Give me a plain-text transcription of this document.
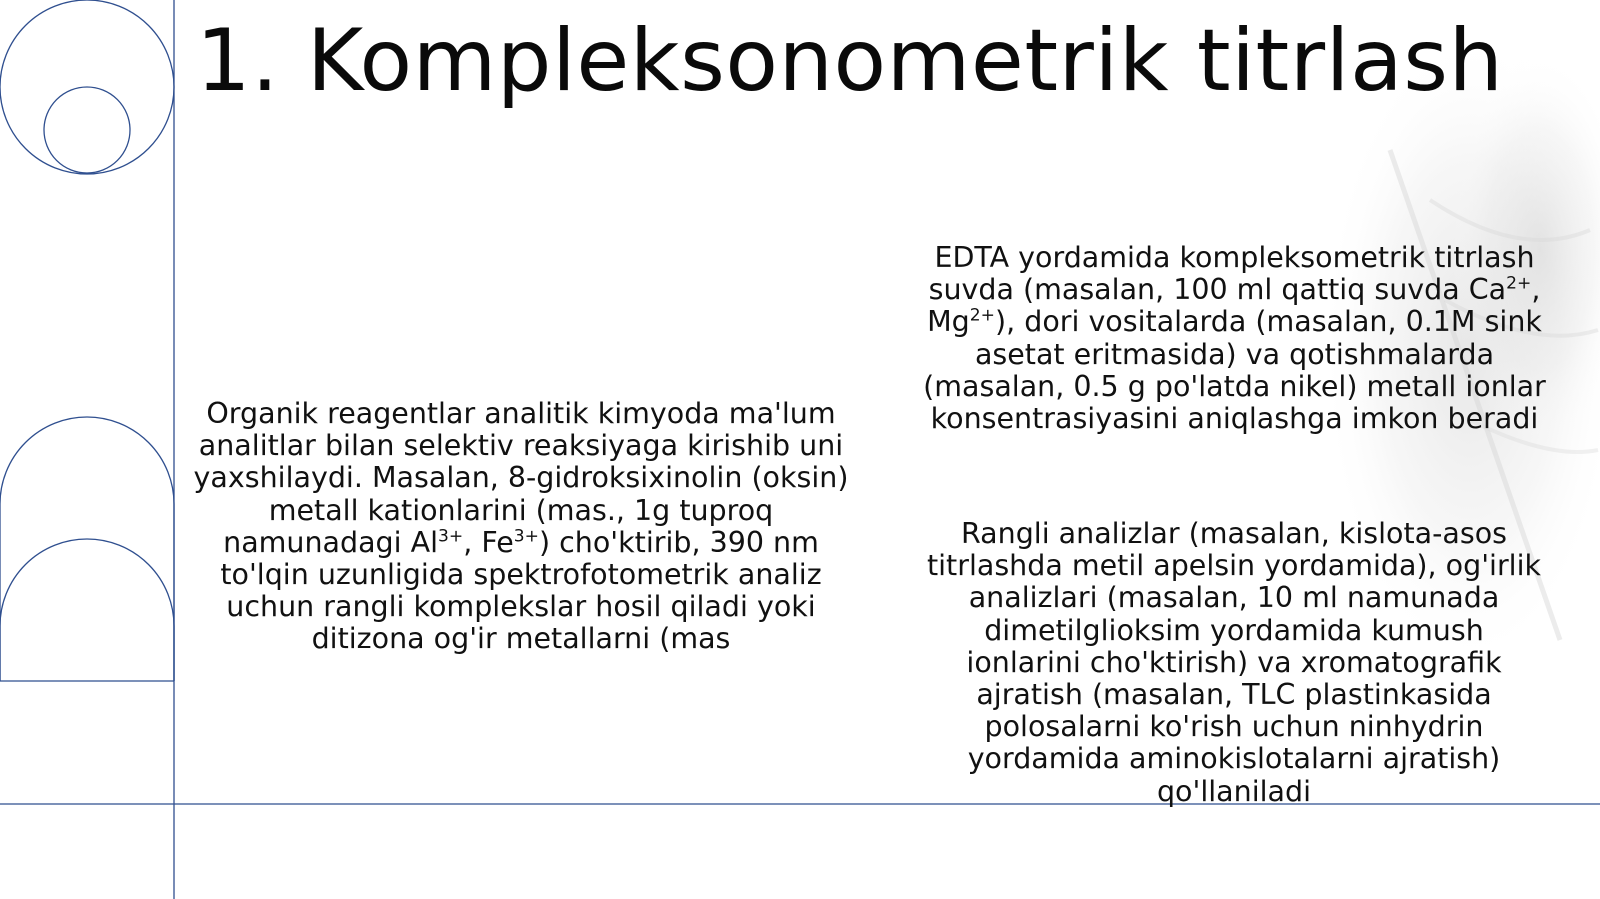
1. Kompleksonometrik titrlash
Organik reagentlar analitik kimyoda ma'lum analitlar bilan selektiv reaksiyaga kirishib uni yaxshilaydi. Masalan, 8-gidroksixinolin (oksin) metall kationlarini (mas., 1g tuproq namunadagi $Al^{3+}$, $Fe^{3+}$) cho'ktirib, 390 nm to'lqin uzunligida spektrofotometrik analiz uchun rangli komplekslar hosil qiladi yoki ditizona og'ir metallarni (mas
EDTA yordamida kompleksometrik titrlash suvda (masalan, 100 ml qattiq suvda $Ca^{2+}$, $Mg^{2+}$), dori vositalarda (masalan, 0.1M sink asetat eritmasida) va qotishmalarda (masalan, 0.5 g po'latda nikel) metall ionlar konsentrasiyasini aniqlashga imkon beradi
Rangli analizlar (masalan, kislota-asos titrlashda metil apelsin yordamida), og'irlik analizlari (masalan, 10 ml namunada dimetilglioksim yordamida kumush ionlarini cho'ktirish) va xromatografik ajratish (masalan, TLC plastinkasida polosalarni ko'rish uchun ninhydrin yordamida aminokislotalarni ajratish) qo'llaniladi
